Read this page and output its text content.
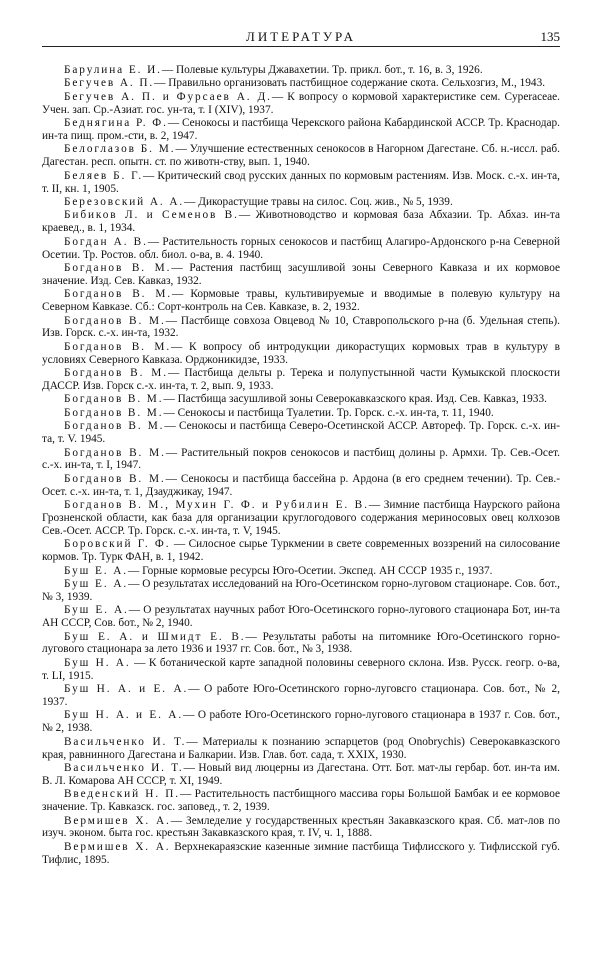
ЛИТЕРАТУРА	135

Барулина Е. И.— Полевые культуры Джавахетии. Тр. прикл. бот., т. 16, в. 3, 1926.

Бегучев А. П.— Правильно организовать пастбищное содержание скота. Сельхозгиз, М., 1943.

Бегучев А. П. и Фурсаев А. Д.— К вопросу о кормовой характеристике сем. Cyperaceae. Учен. зап. Ср.-Азиат. гос. ун-та, т. I (XIV), 1937.

Беднягина Р. Ф.— Сенокосы и пастбища Черекского района Кабардинской АССР. Тр. Краснодар. ин-та пищ. пром.-сти, в. 2, 1947.

Белоглазов Б. М.— Улучшение естественных сенокосов в Нагорном Дагестане. Сб. н.-иссл. раб. Дагестан. респ. опытн. ст. по животн-ству, вып. 1, 1940.

Беляев Б. Г.— Критический свод русских данных по кормовым растениям. Изв. Моск. с.-х. ин-та, т. II, кн. 1, 1905.

Березовский А. А.— Дикорастущие травы на силос. Соц. жив., № 5, 1939.

Бибиков Л. и Семенов В.— Животноводство и кормовая база Абхазии. Тр. Абхаз. ин-та краевед., в. 1, 1934.

Богдан А. В.— Растительность горных сенокосов и пастбищ Алагиро-Ардонского р-на Северной Осетии. Тр. Ростов. обл. биол. о-ва, в. 4. 1940.

Богданов В. М.— Растения пастбищ засушливой зоны Северного Кавказа и их кормовое значение. Изд. Сев. Кавказ, 1932.

Богданов В. М.— Кормовые травы, культивируемые и вводимые в полевую культуру на Северном Кавказе. Сб.: Сорт-контроль на Сев. Кавказе, в. 2, 1932.

Богданов В. М.— Пастбище совхоза Овцевод № 10, Ставропольского р-на (б. Удельная степь). Изв. Горск. с.-х. ин-та, 1932.

Богданов В. М.— К вопросу об интродукции дикорастущих кормовых трав в культуру в условиях Северного Кавказа. Орджоникидзе, 1933.

Богданов В. М.— Пастбища дельты р. Терека и полупустынной части Кумыкской плоскости ДАССР. Изв. Горск с.-х. ин-та, т. 2, вып. 9, 1933.

Богданов В. М.— Пастбища засушливой зоны Северокавказского края. Изд. Сев. Кавказ, 1933.

Богданов В. М.— Сенокосы и пастбища Туалетии. Тр. Горск. с.-х. ин-та, т. 11, 1940.

Богданов В. М.— Сенокосы и пастбища Северо-Осетинской АССР. Автореф. Тр. Горск. с.-х. ин-та, т. V. 1945.

Богданов В. М.— Растительный покров сенокосов и пастбищ долины р. Армхи. Тр. Сев.-Осет. с.-х. ин-та, т. I, 1947.

Богданов В. М.— Сенокосы и пастбища бассейна р. Ардона (в его среднем течении). Тр. Сев.-Осет. с.-х. ин-та, т. 1, Дзауджикау, 1947.

Богданов В. М., Мухин Г. Ф. и Рубилин Е. В.— Зимние пастбища Наурского района Грозненской области, как база для организации круглогодового содержания мериносовых овец колхозов Сев.-Осет. АССР. Тр. Горск. с.-х. ин-та, т. V, 1945.

Боровский Г. Ф. — Силосное сырье Туркмении в свете современных воззрений на силосование кормов. Тр. Турк ФАН, в. 1, 1942.

Буш Е. А.— Горные кормовые ресурсы Юго-Осетии. Экспед. АН СССР 1935 г., 1937.

Буш Е. А.— О результатах исследований на Юго-Осетинском горно-луговом стационаре. Сов. бот., № 3, 1939.

Буш Е. А.— О результатах научных работ Юго-Осетинского горно-лугового стационара Бот, ин-та АН СССР, Сов. бот., № 2, 1940.

Буш Е. А. и Шмидт Е. В.— Результаты работы на питомнике Юго-Осетинского горно-лугового стационара за лето 1936 и 1937 гг. Сов. бот., № 3, 1938.

Буш Н. А. — К ботанической карте западной половины северного склона. Изв. Русск. геогр. о-ва, т. LI, 1915.

Буш Н. А. и Е. А.— О работе Юго-Осетинского горно-луговсго стационара. Сов. бот., № 2, 1937.

Буш Н. А. и Е. А.— О работе Юго-Осетинского горно-лугового стационара в 1937 г. Сов. бот., № 2, 1938.

Васильченко И. Т.— Материалы к познанию эспарцетов (род Onobrychis) Северокавказского края, равнинного Дагестана и Балкарии. Изв. Глав. бот. сада, т. XXIX, 1930.

Васильченко И. Т.— Новый вид люцерны из Дагестана. Отт. Бот. мат-лы гербар. бот. ин-та им. В. Л. Комарова АН СССР, т. XI, 1949.

Введенский Н. П.— Растительность пастбищного массива горы Большой Бамбак и ее кормовое значение. Тр. Кавказск. гос. заповед., т. 2, 1939.

Вермишев Х. А.— Земледелие у государственных крестьян Закавказского края. Сб. мат-лов по изуч. эконом. быта гос. крестьян Закавказского края, т. IV, ч. 1, 1888.

Вермишев Х. А. Верхнекараязские казенные зимние пастбища Тифлисского у. Тифлисской губ. Тифлис, 1895.
